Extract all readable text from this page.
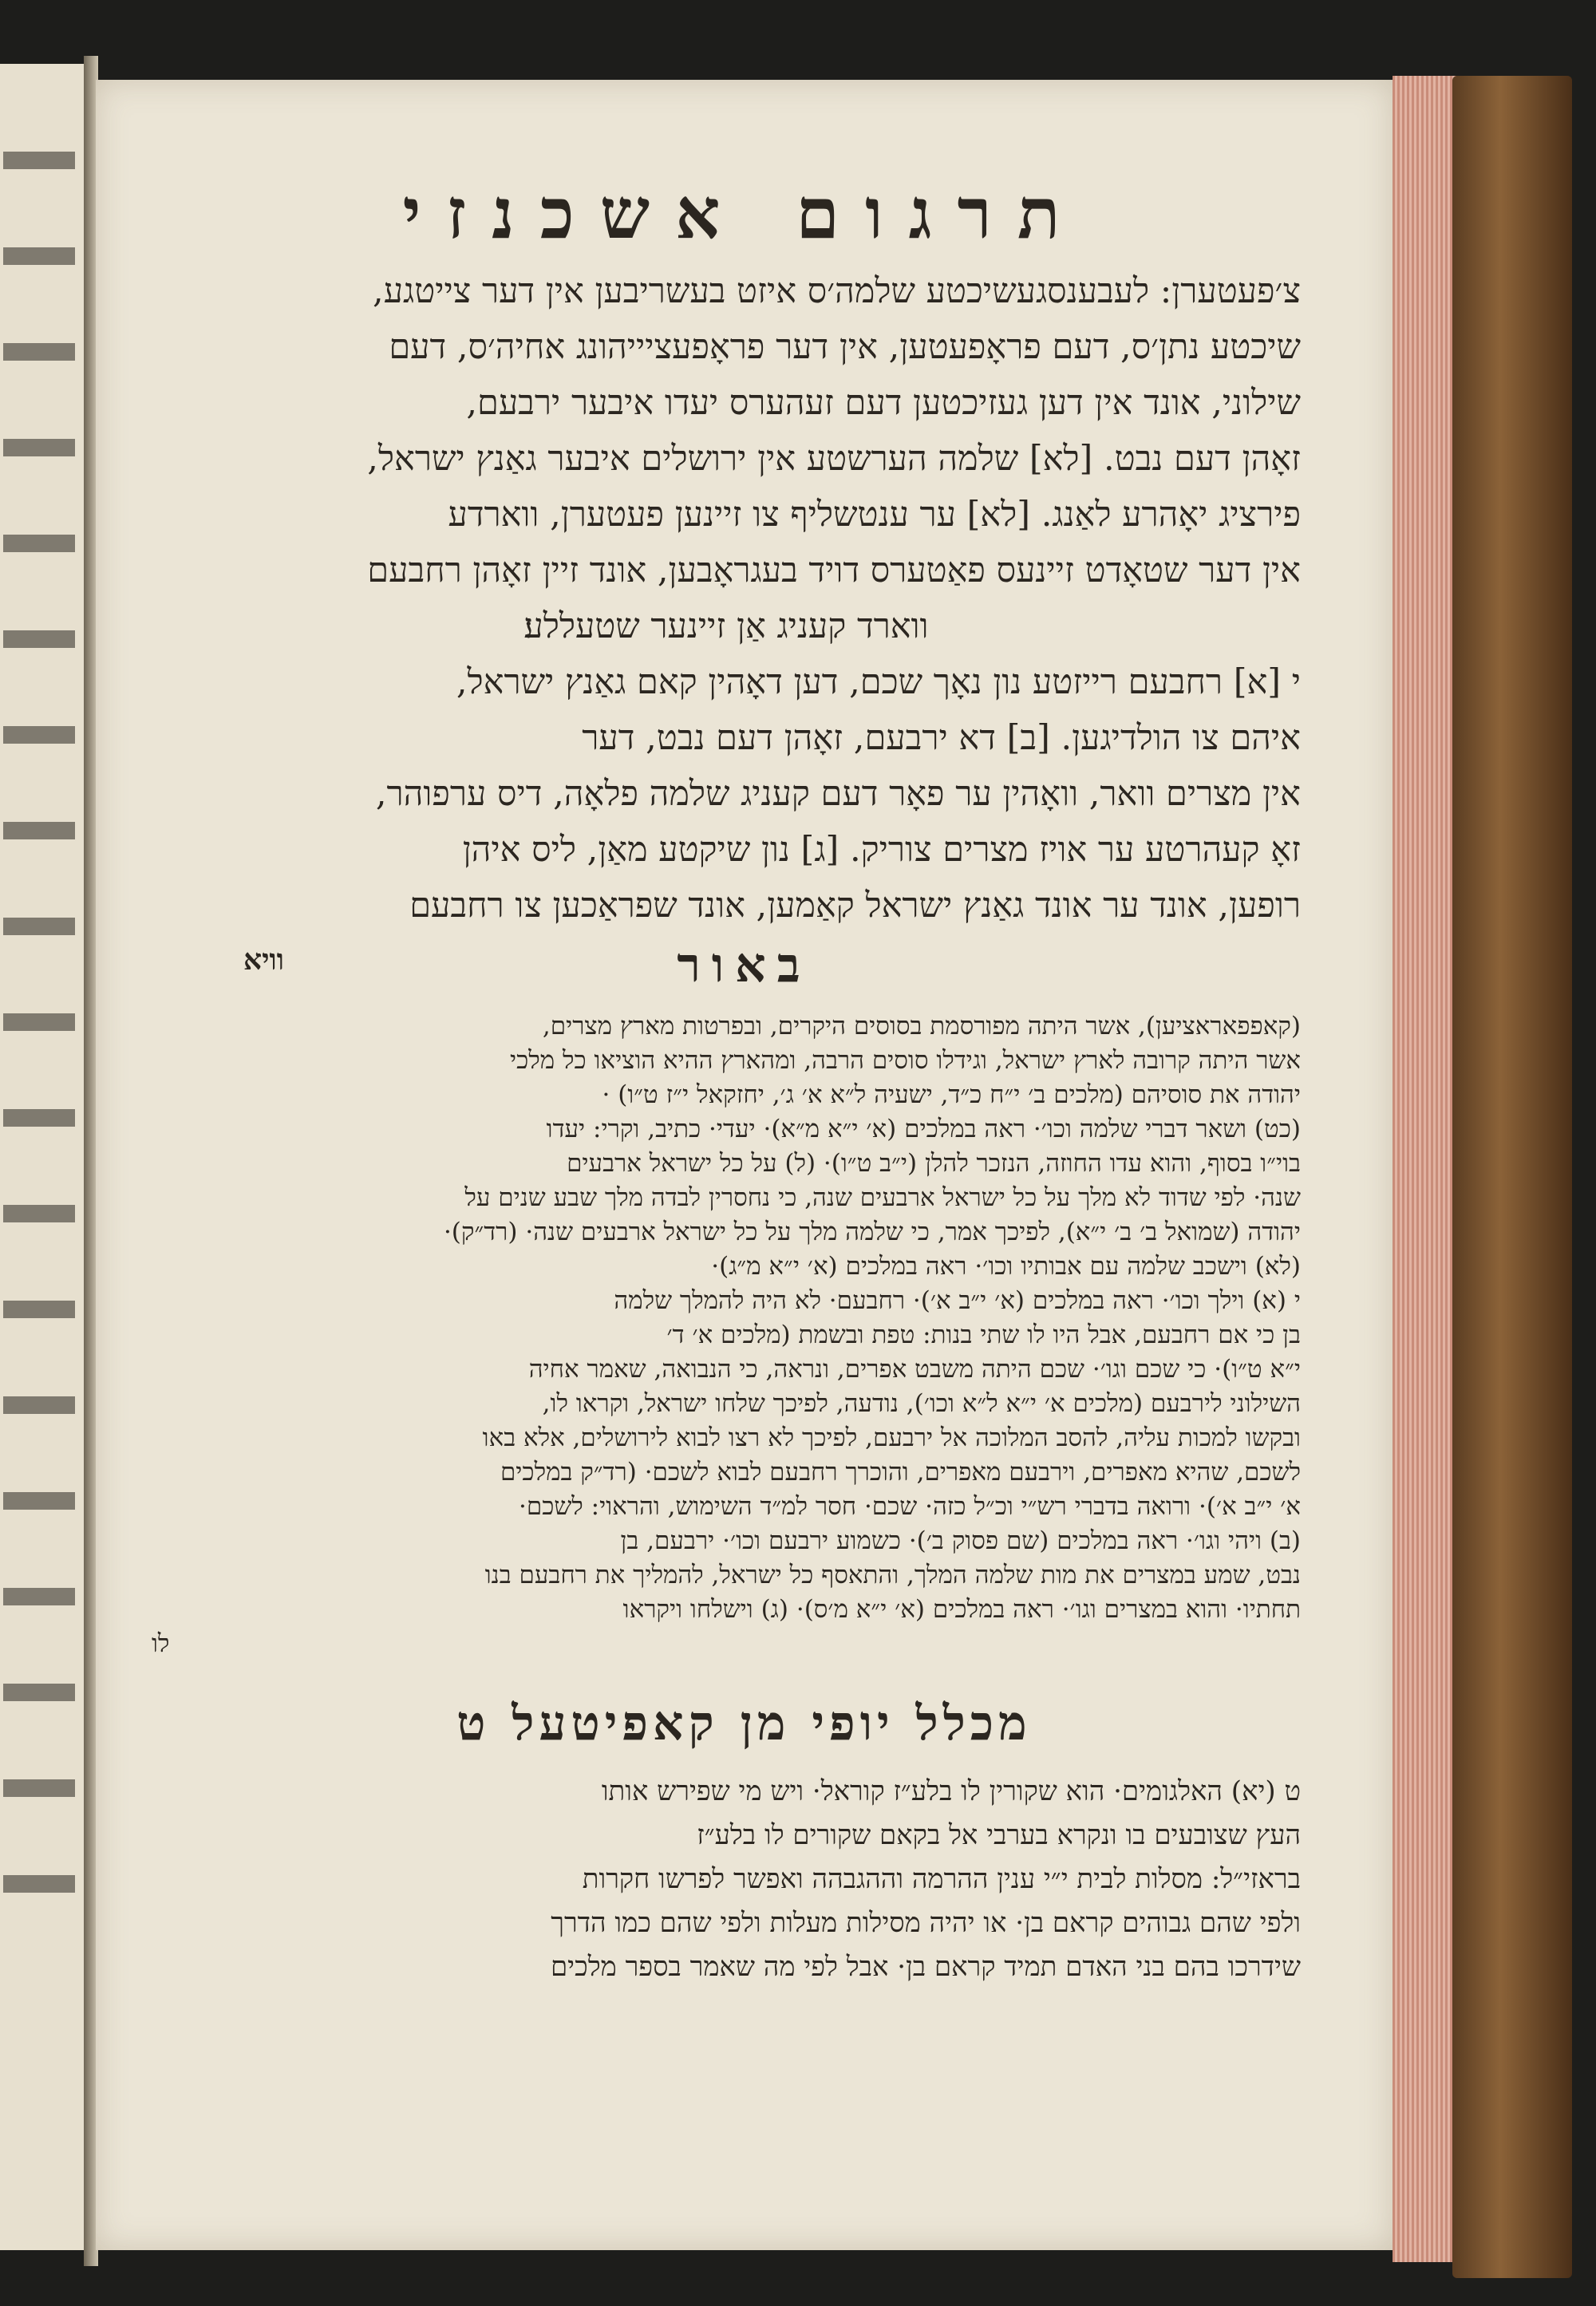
תרגום אשכנזי
צ׳פעטערן: לעבענסגעשיכטע שלמה׳ס איזט בעשריבען אין דער צייטגע,
שיכטע נתן׳ס, דעם פראָפעטען, אין דער פראָפעציייהונג אחיה׳ס, דעם
שילוני, אונד אין דען געזיכטען דעם זעהערס יעדו איבער ירבעם,
זאָהן דעם נבט. [לא] שלמה הערשטע אין ירושלים איבער גאַנץ ישראל,
פירציג יאָהרע לאַנג. [לא] ער ענטשליף צו זיינען פעטערן, ווארדע
אין דער שטאָדט זיינעס פאַטערס דויד בעגראָבען, אונד זיין זאָהן רחבעם
ווארד קעניג אַן זיינער שטעללע׃
י [א] רחבעם רייזטע נון נאָך שכם, דען דאָהין קאם גאַנץ ישראל,
איהם צו הולדיגען. [ב] דא ירבעם, זאָהן דעם נבט, דער
אין מצרים וואר, וואָהין ער פאָר דעם קעניג שלמה פלאָה, דיס ערפוהר,
זאָ קעהרטע ער אויז מצרים צוריק. [ג] נון שיקטע מאַן, ליס איהן
רופען, אונד ער אונד גאַנץ ישראל קאַמען, אונד שפראַכען צו רחבעם
באור
וויא
(קאפפאראציען), אשר היתה מפורסמת בסוסים היקרים, ובפרטות מארץ מצרים,
אשר היתה קרובה לארץ ישראל, וגידלו סוסים הרבה, ומהארץ ההיא הוציאו כל מלכי
יהודה את סוסיהם (מלכים ב׳ י״ח כ״ד, ישעיה ל״א א׳ ג׳, יחזקאל י״ז ט״ו) ·
(כט) ושאר דברי שלמה וכו׳· ראה במלכים (א׳ י״א מ״א)· יעדי· כתיב, וקרי: יעדו
בוי״ו בסוף, והוא עדו החוזה, הנזכר להלן (י״ב ט״ו)· (ל) על כל ישראל ארבעים
שנה· לפי שדוד לא מלך על כל ישראל ארבעים שנה, כי נחסרין לבדה מלך שבע שנים על
יהודה (שמואל ב׳ ב׳ י״א), לפיכך אמר, כי שלמה מלך על כל ישראל ארבעים שנה· (רד״ק)·
(לא) וישכב שלמה עם אבותיו וכו׳· ראה במלכים (א׳ י״א מ״ג)·
י (א) וילך וכו׳· ראה במלכים (א׳ י״ב א׳)· רחבעם· לא היה להמלך שלמה
בן כי אם רחבעם, אבל היו לו שתי בנות: טפת ובשמת (מלכים א׳ ד׳
י״א ט״ו)· כי שכם וגו׳· שכם היתה משבט אפרים, ונראה, כי הנבואה, שאמר אחיה
השילוני לירבעם (מלכים א׳ י״א ל״א וכו׳), נודעה, לפיכך שלחו ישראל, וקראו לו,
ובקשו למכות עליה, להסב המלוכה אל ירבעם, לפיכך לא רצו לבוא לירושלים, אלא באו
לשכם, שהיא מאפרים, וירבעם מאפרים, והוכרך רחבעם לבוא לשכם· (רד״ק במלכים
א׳ י״ב א׳)· ורואה בדברי רש״י וכ״ל כזה· שכם· חסר למ״ד השימוש, והראוי: לשכם·
(ב) ויהי וגו׳· ראה במלכים (שם פסוק ב׳)· כשמוע ירבעם וכו׳· ירבעם, בן
נבט, שמע במצרים את מות שלמה המלך, והתאסף כל ישראל, להמליך את רחבעם בנו
תחתיו· והוא במצרים וגו׳· ראה במלכים (א׳ י״א מ׳ס)· (ג) וישלחו ויקראו
לו
מכלל יופי מן קאפיטעל ט
ט (יא) האלגומים· הוא שקורין לו בלע״ז קוראל· ויש מי שפירש אותו
העץ שצובעים בו ונקרא בערבי אל בקאם שקורים לו בלע״ז
בראזי״ל: מסלות לבית י״י ענין ההרמה וההגבהה ואפשר לפרשו חקרות
ולפי שהם גבוהים קראם בן· או יהיה מסילות מעלות ולפי שהם כמו הדרך
שידרכו בהם בני האדם תמיד קראם בן· אבל לפי מה שאמר בספר מלכים
